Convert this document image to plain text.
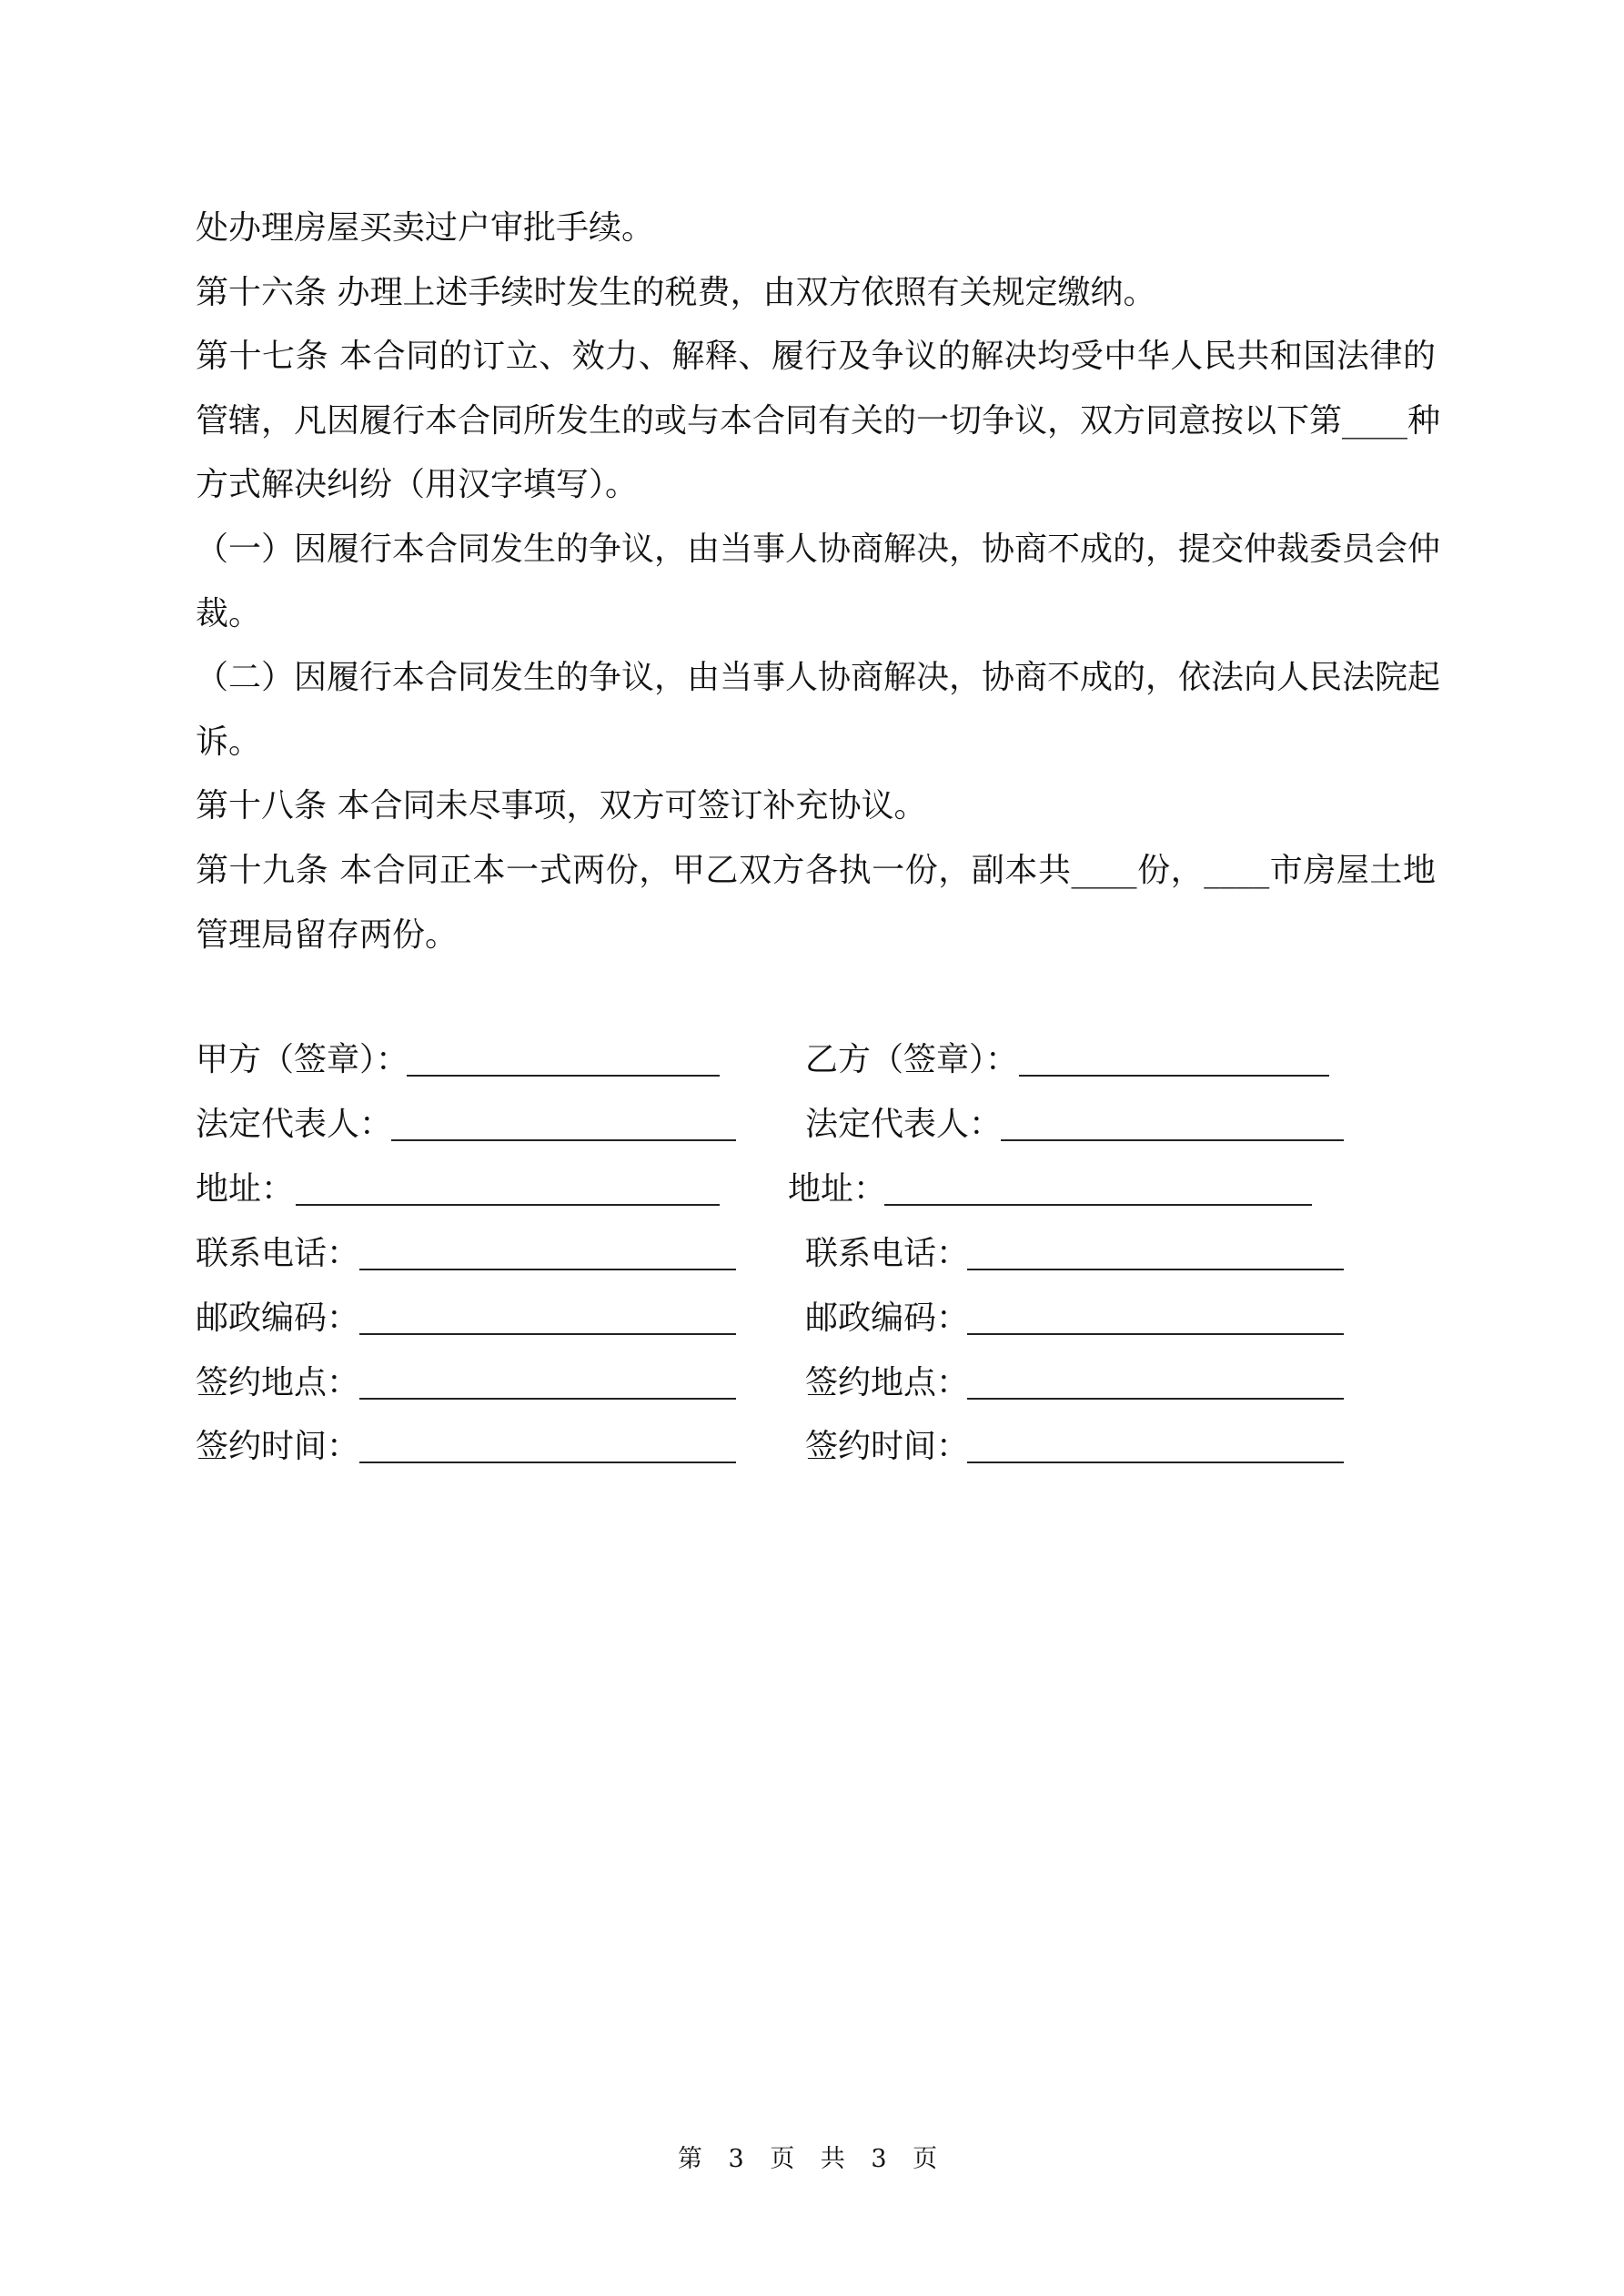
处办理房屋买卖过户审批手续。
第十六条 办理上述手续时发生的税费，由双方依照有关规定缴纳。
第十七条 本合同的订立、效力、解释、履行及争议的解决均受中华人民共和国法律的
管辖，凡因履行本合同所发生的或与本合同有关的一切争议，双方同意按以下第____种
方式解决纠纷（用汉字填写）。
（一）因履行本合同发生的争议，由当事人协商解决，协商不成的，提交仲裁委员会仲
裁。
（二）因履行本合同发生的争议，由当事人协商解决，协商不成的，依法向人民法院起
诉。
第十八条 本合同未尽事项，双方可签订补充协议。
第十九条 本合同正本一式两份，甲乙双方各执一份，副本共____份，____市房屋土地
管理局留存两份。
甲方（签章）：	乙方（签章）：
法定代表人：	法定代表人：
地址：	地址：
联系电话：	联系电话：
邮政编码：	邮政编码：
签约地点：	签约地点：
签约时间：	签约时间：
第 3 页 共 3 页
